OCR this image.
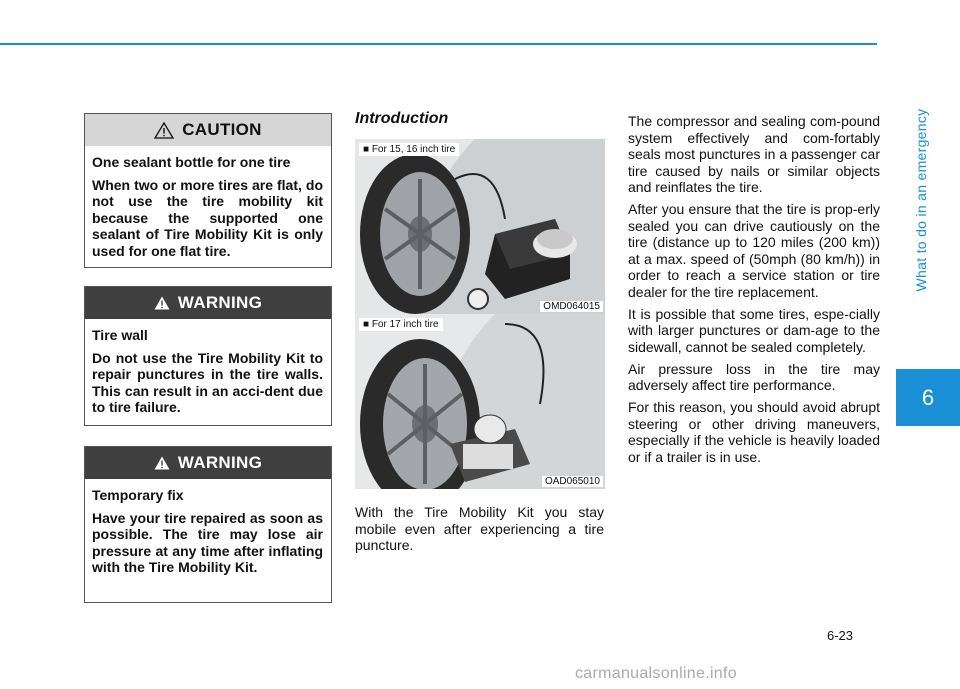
What to do in an emergency
6
CAUTION

One sealant bottle for one tire

When two or more tires are flat, do not use the tire mobility kit because the supported one sealant of Tire Mobility Kit is only used for one flat tire.

WARNING

Tire wall

Do not use the Tire Mobility Kit to repair punctures in the tire walls. This can result in an acci-dent due to tire failure.

WARNING

Temporary fix

Have your tire repaired as soon as possible. The tire may lose air pressure at any time after inflating with the Tire Mobility Kit.

Introduction
■ For 15, 16 inch tire
OMD064015
■ For 17 inch tire
OAD065010
With the Tire Mobility Kit you stay mobile even after experiencing a tire puncture.

The compressor and sealing com-pound system effectively and com-fortably seals most punctures in a passenger car tire caused by nails or similar objects and reinflates the tire.

After you ensure that the tire is prop-erly sealed you can drive cautiously on the tire (distance up to 120 miles (200 km)) at a max. speed of (50mph (80 km/h)) in order to reach a service station or tire dealer for the tire replacement.

It is possible that some tires, espe-cially with larger punctures or dam-age to the sidewall, cannot be sealed completely.

Air pressure loss in the tire may adversely affect tire performance.

For this reason, you should avoid abrupt steering or other driving maneuvers, especially if the vehicle is heavily loaded or if a trailer is in use.

6-23
carmanualsonline.info
